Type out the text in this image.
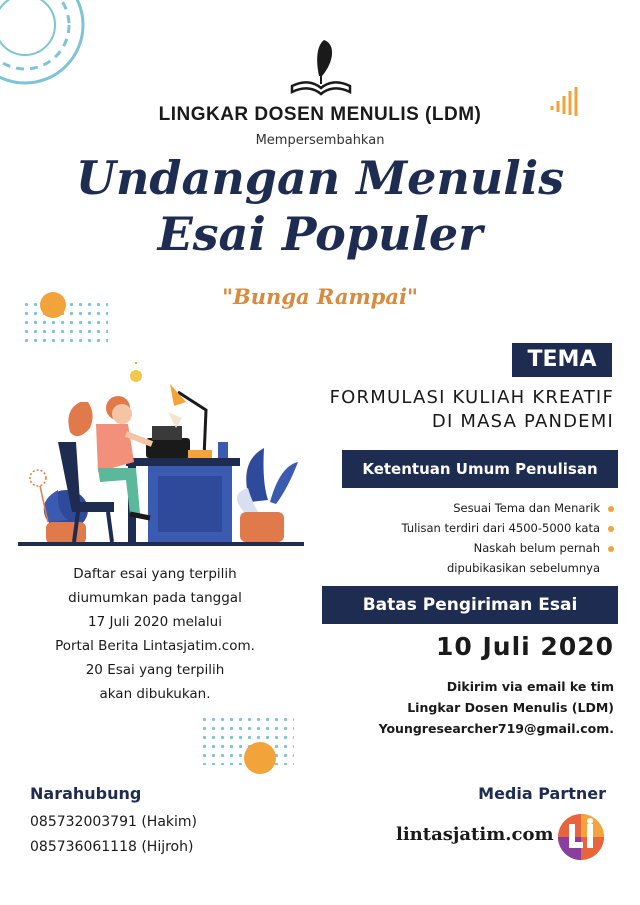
LINGKAR DOSEN MENULIS (LDM)
Mempersembahkan
Undangan Menulis
Esai Populer
"Bunga Rampai"
TEMA
FORMULASI KULIAH KREATIF
DI MASA PANDEMI
Ketentuan Umum Penulisan
Sesuai Tema dan Menarik
Tulisan terdiri dari 4500-5000 kata
Naskah belum pernah
dipubikasikan sebelumnya
Batas Pengiriman Esai
10 Juli 2020
Dikirim via email ke tim
Lingkar Dosen Menulis (LDM)
Youngresearcher719@gmail.com.
Daftar esai yang terpilih
diumumkan pada tanggal
17 Juli 2020 melalui
Portal Berita Lintasjatim.com.
20 Esai yang terpilih
akan dibukukan.
Narahubung
085732003791 (Hakim)
085736061118 (Hijroh)
Media Partner
lintasjatim.com
